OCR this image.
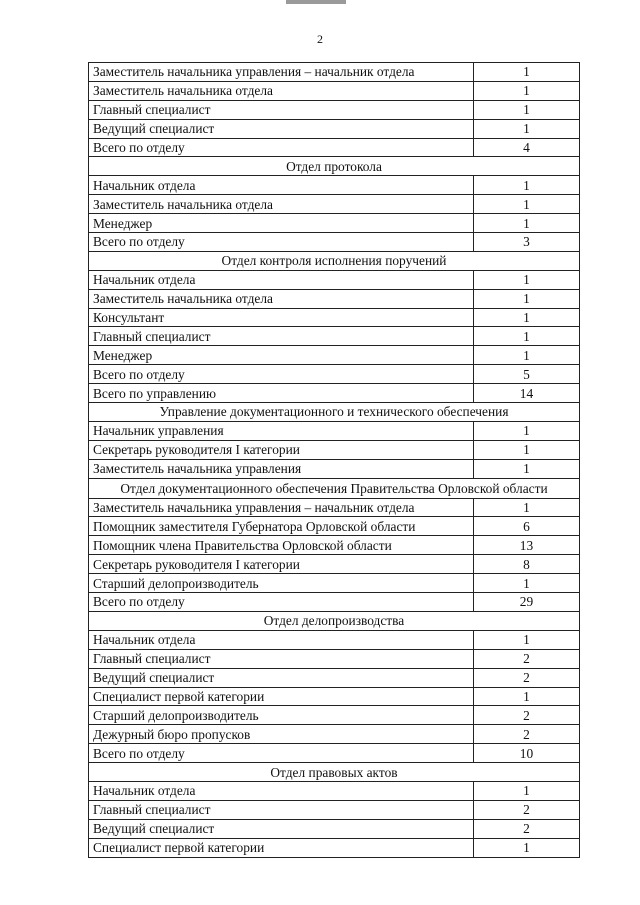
2
Заместитель начальника управления – начальник отдела	1
Заместитель начальника отдела	1
Главный специалист	1
Ведущий специалист	1
Всего по отделу	4
Отдел протокола	
Начальник отдела	1
Заместитель начальника отдела	1
Менеджер	1
Всего по отделу	3
Отдел контроля исполнения поручений	
Начальник отдела	1
Заместитель начальника отдела	1
Консультант	1
Главный специалист	1
Менеджер	1
Всего по отделу	5
Всего по управлению	14
Управление документационного и технического обеспечения	
Начальник управления	1
Секретарь руководителя I категории	1
Заместитель начальника управления	1
Отдел документационного обеспечения Правительства Орловской области	
Заместитель начальника управления – начальник отдела	1
Помощник заместителя Губернатора Орловской области	6
Помощник члена Правительства Орловской области	13
Секретарь руководителя I категории	8
Старший делопроизводитель	1
Всего по отделу	29
Отдел делопроизводства	
Начальник отдела	1
Главный специалист	2
Ведущий специалист	2
Специалист первой категории	1
Старший делопроизводитель	2
Дежурный бюро пропусков	2
Всего по отделу	10
Отдел правовых актов	
Начальник отдела	1
Главный специалист	2
Ведущий специалист	2
Специалист первой категории	1
